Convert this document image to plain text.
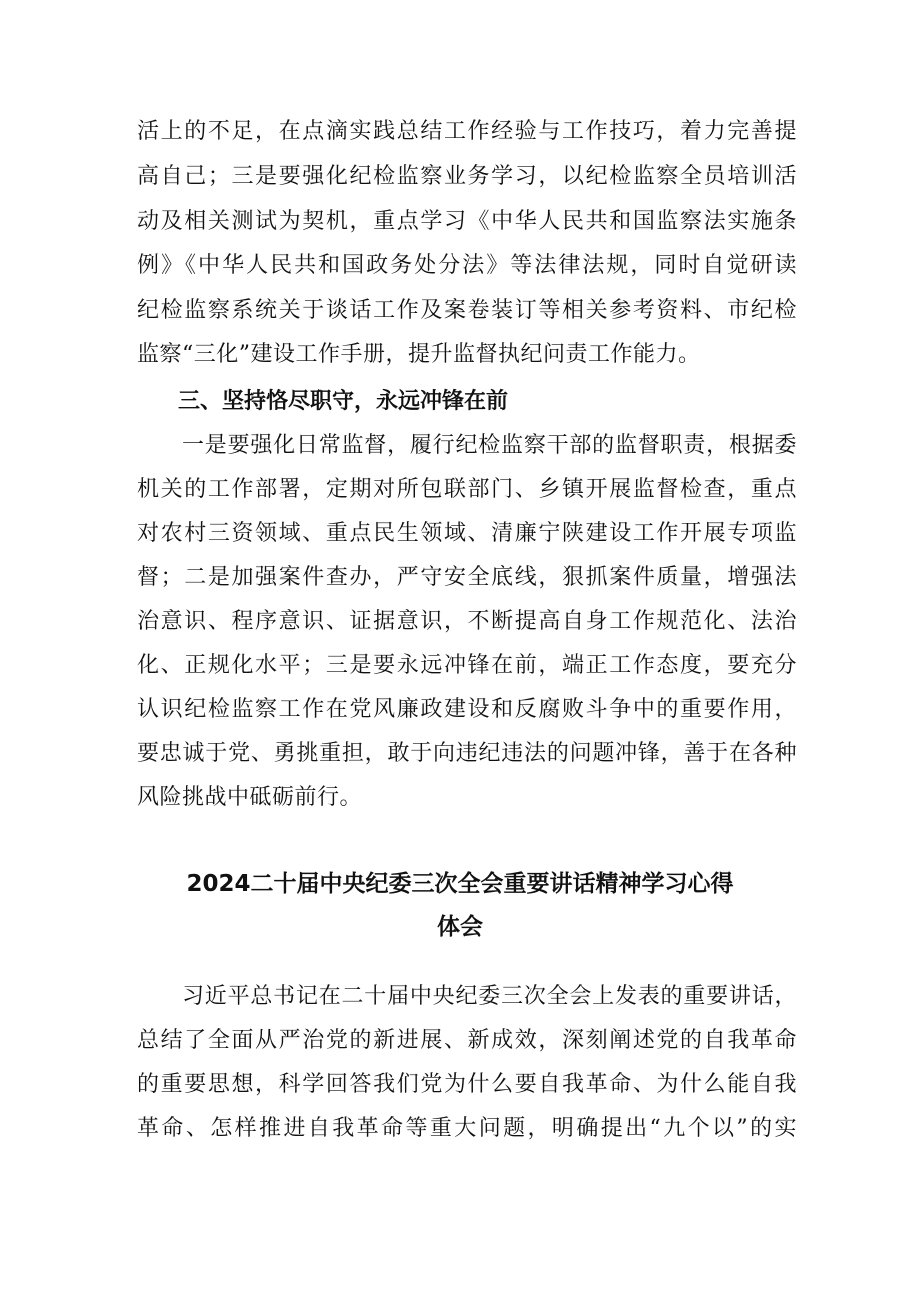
活上的不足，在点滴实践总结工作经验与工作技巧，着力完善提
高自己；三是要强化纪检监察业务学习，以纪检监察全员培训活
动及相关测试为契机，重点学习《中华人民共和国监察法实施条
例》《中华人民共和国政务处分法》等法律法规，同时自觉研读
纪检监察系统关于谈话工作及案卷装订等相关参考资料、市纪检
监察“三化”建设工作手册，提升监督执纪问责工作能力。
三、坚持恪尽职守，永远冲锋在前
一是要强化日常监督，履行纪检监察干部的监督职责，根据委
机关的工作部署，定期对所包联部门、乡镇开展监督检查，重点
对农村三资领域、重点民生领域、清廉宁陕建设工作开展专项监
督；二是加强案件查办，严守安全底线，狠抓案件质量，增强法
治意识、程序意识、证据意识，不断提高自身工作规范化、法治
化、正规化水平；三是要永远冲锋在前，端正工作态度，要充分
认识纪检监察工作在党风廉政建设和反腐败斗争中的重要作用，
要忠诚于党、勇挑重担，敢于向违纪违法的问题冲锋，善于在各种
风险挑战中砥砺前行。
2024二十届中央纪委三次全会重要讲话精神学习心得
体会
习近平总书记在二十届中央纪委三次全会上发表的重要讲话，
总结了全面从严治党的新进展、新成效，深刻阐述党的自我革命
的重要思想，科学回答我们党为什么要自我革命、为什么能自我
革命、怎样推进自我革命等重大问题，明确提出“九个以”的实
